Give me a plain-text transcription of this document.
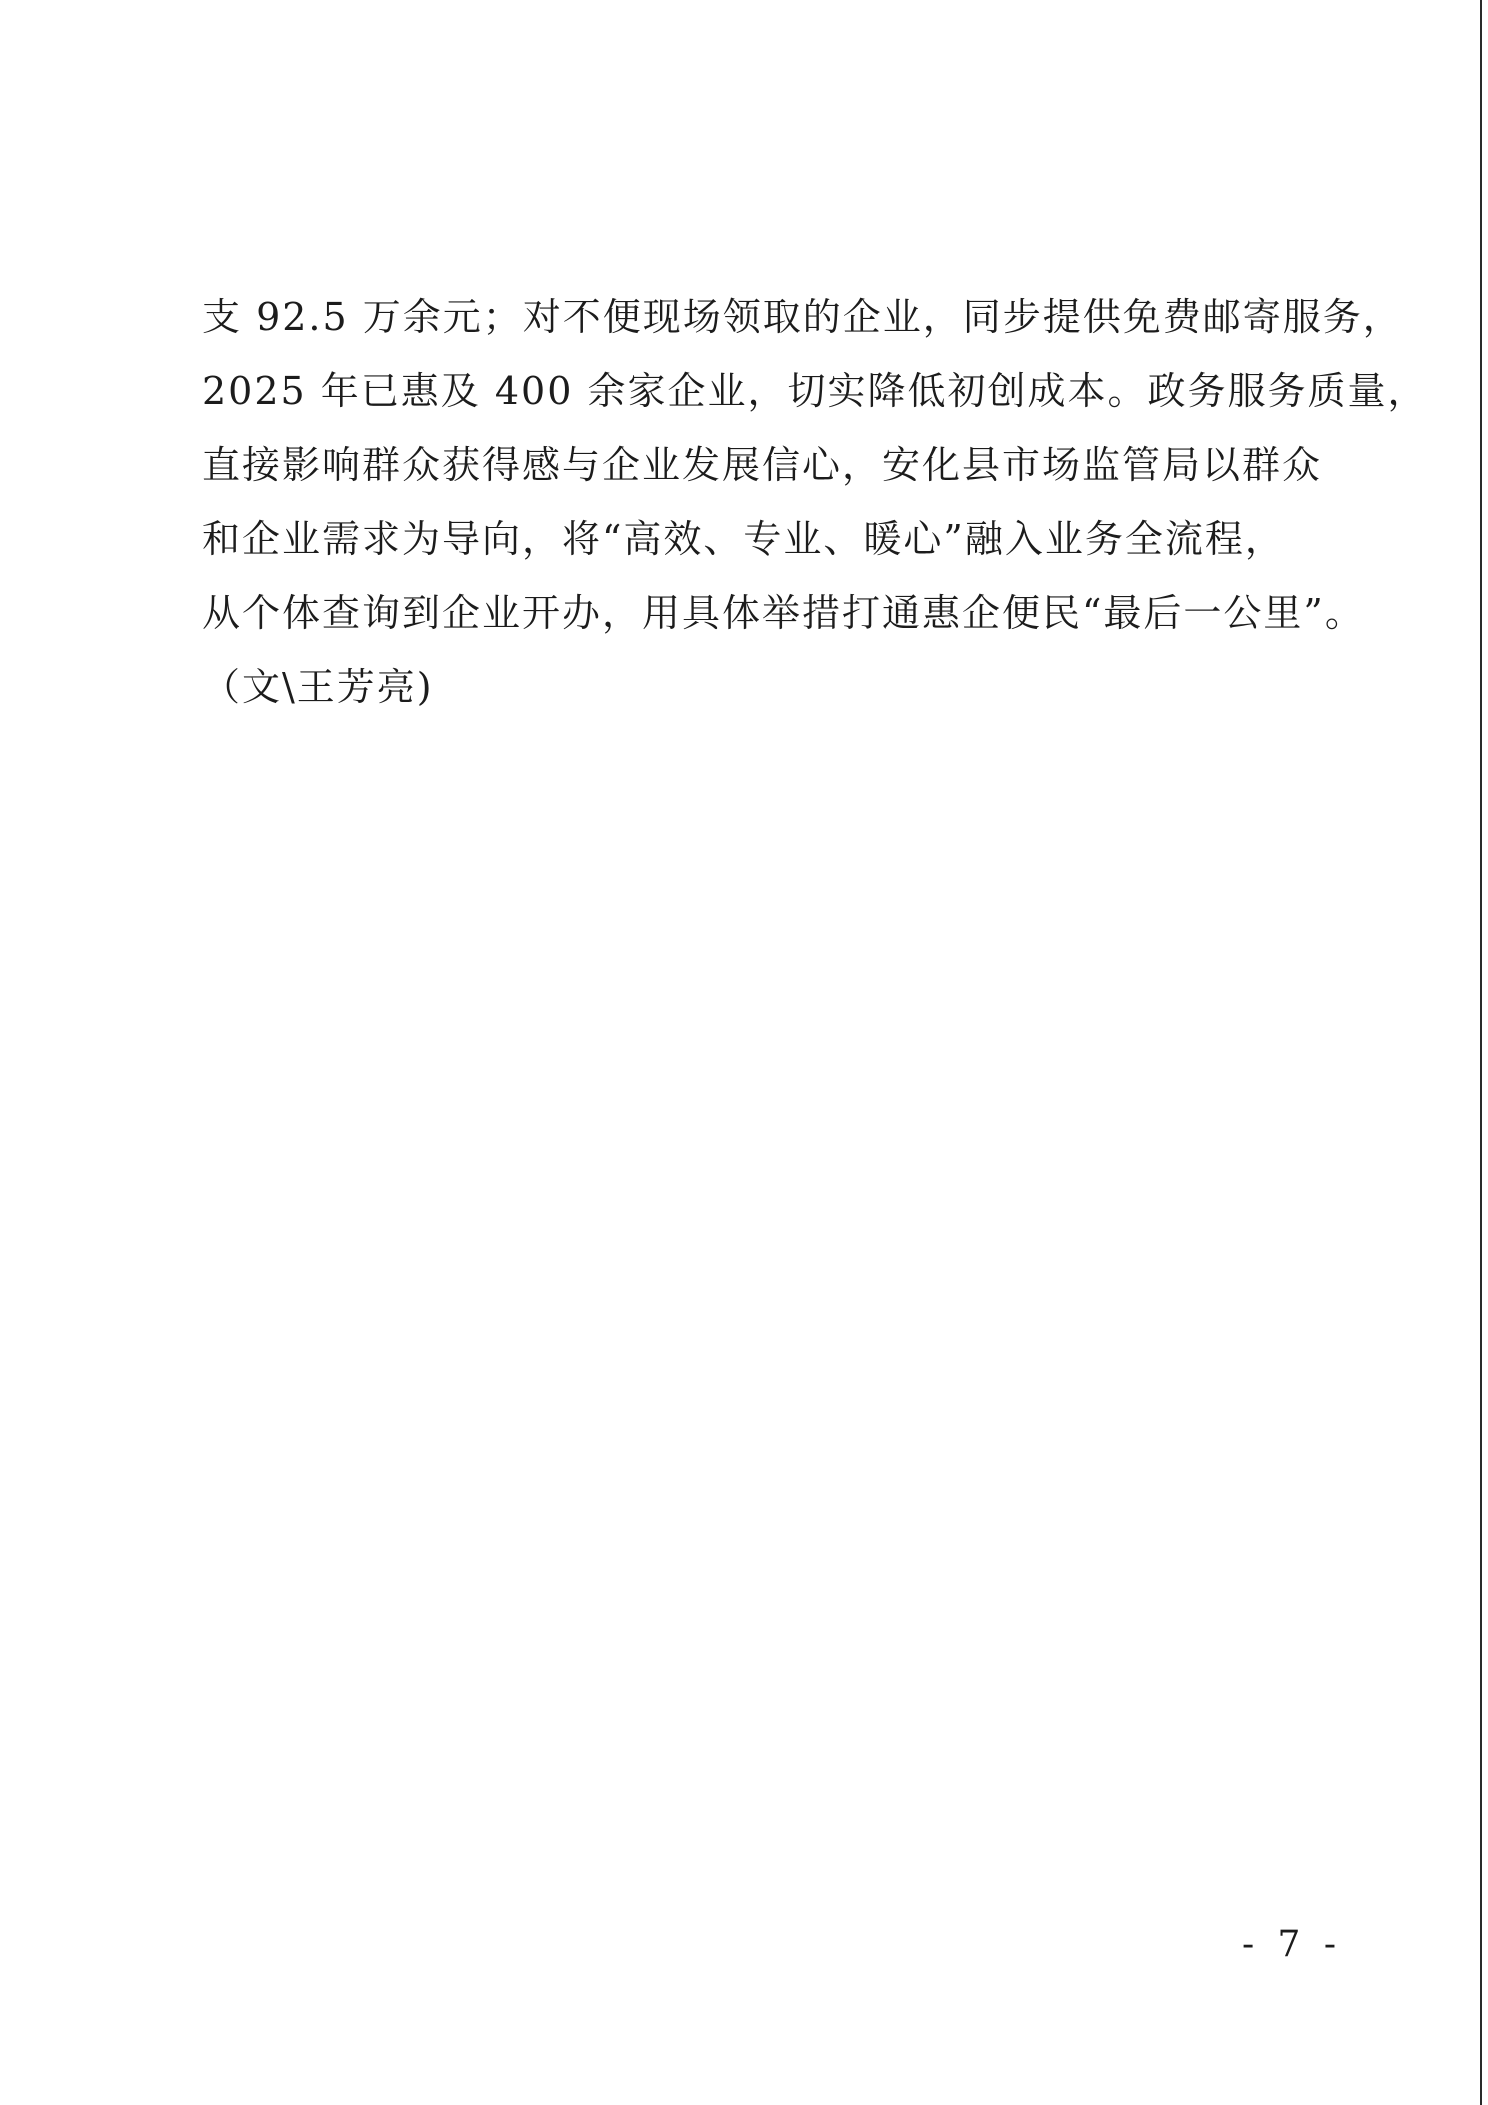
支 92.5 万余元；对不便现场领取的企业，同步提供免费邮寄服务，
2025 年已惠及 400 余家企业，切实降低初创成本。政务服务质量，
直接影响群众获得感与企业发展信心，安化县市场监管局以群众
和企业需求为导向，将“高效、专业、暖心”融入业务全流程，
从个体查询到企业开办，用具体举措打通惠企便民“最后一公里”。
（文\王芳亮)
- 7 -
